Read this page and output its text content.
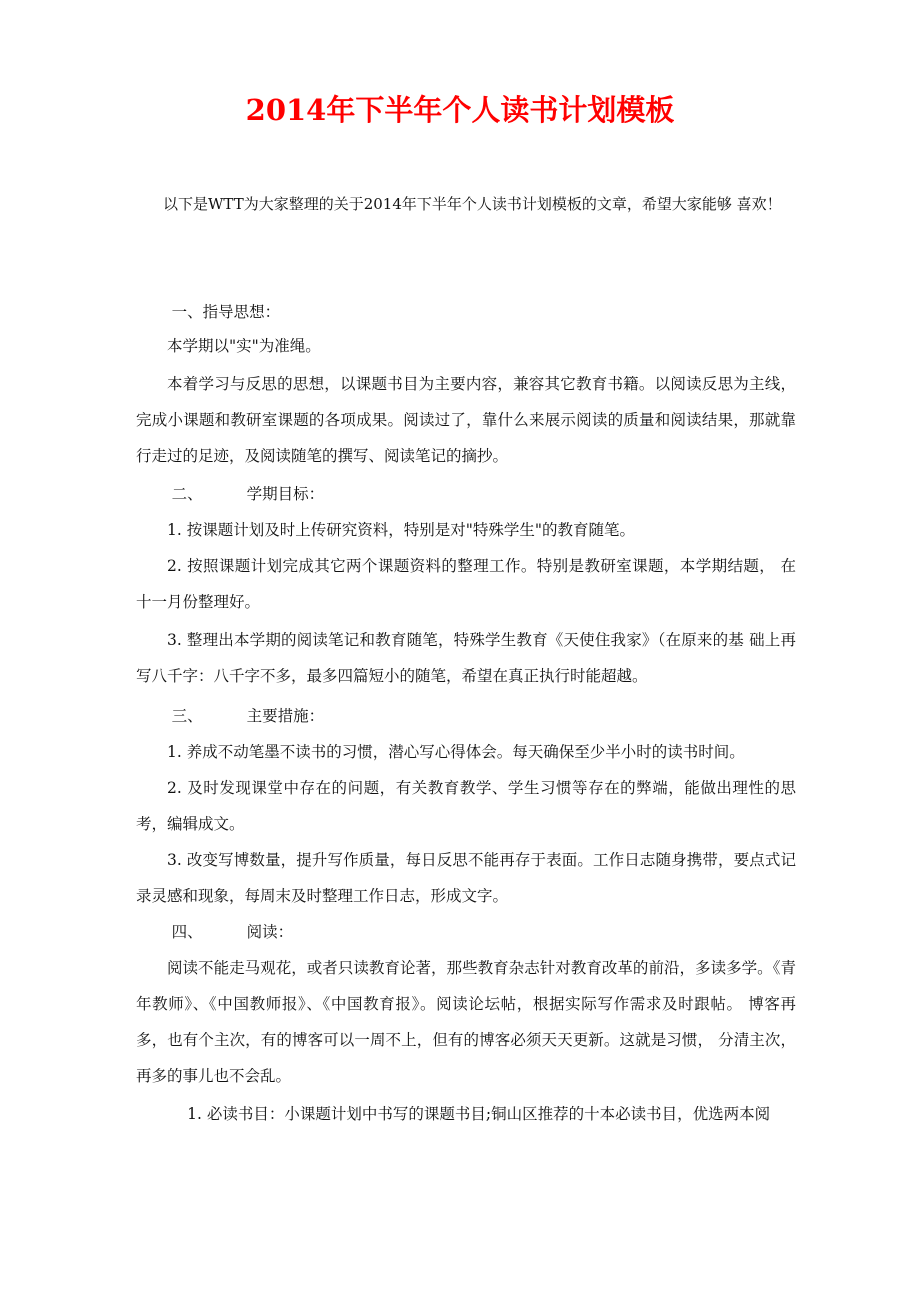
2014年下半年个人读书计划模板
以下是WTT为大家整理的关于2014年下半年个人读书计划模板的文章，希望大家能够 喜欢！
一、指导思想：
本学期以"实"为准绳。
本着学习与反思的思想，以课题书目为主要内容，兼容其它教育书籍。以阅读反思为主线，完成小课题和教研室课题的各项成果。阅读过了，靠什么来展示阅读的质量和阅读结果，那就靠行走过的足迹，及阅读随笔的撰写、阅读笔记的摘抄。
二、	学期目标：
1. 按课题计划及时上传研究资料，特别是对"特殊学生"的教育随笔。
2. 按照课题计划完成其它两个课题资料的整理工作。特别是教研室课题，本学期结题， 在十一月份整理好。
3. 整理出本学期的阅读笔记和教育随笔，特殊学生教育《天使住我家》（在原来的基 础上再写八千字：八千字不多，最多四篇短小的随笔，希望在真正执行时能超越。
三、	主要措施：
1. 养成不动笔墨不读书的习惯，潜心写心得体会。每天确保至少半小时的读书时间。
2. 及时发现课堂中存在的问题，有关教育教学、学生习惯等存在的弊端，能做出理性的思考，编辑成文。
3. 改变写博数量，提升写作质量，每日反思不能再存于表面。工作日志随身携带，要点式记录灵感和现象，每周末及时整理工作日志，形成文字。
四、	阅读：
阅读不能走马观花，或者只读教育论著，那些教育杂志针对教育改革的前沿，多读多学。《青年教师》、《中国教师报》、《中国教育报》。阅读论坛帖，根据实际写作需求及时跟帖。 博客再多，也有个主次，有的博客可以一周不上，但有的博客必须天天更新。这就是习惯， 分清主次，再多的事儿也不会乱。
1. 必读书目：小课题计划中书写的课题书目;铜山区推荐的十本必读书目，优选两本阅
